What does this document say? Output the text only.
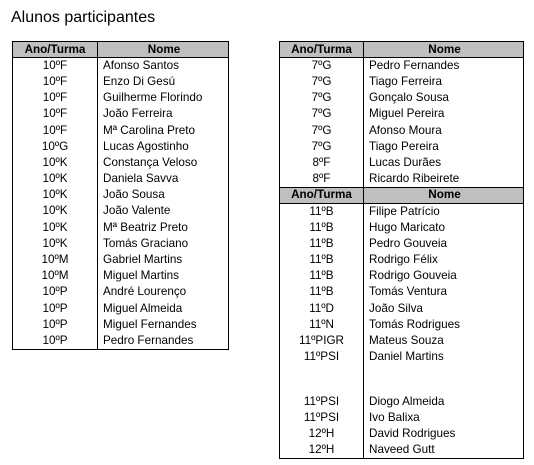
Alunos participantes
Ano/Turma	Nome
10ºF	Afonso Santos
10ºF	Enzo Di Gesú
10ºF	Guilherme Florindo
10ºF	João Ferreira
10ºF	Mª Carolina Preto
10ºG	Lucas Agostinho
10ºK	Constança Veloso
10ºK	Daniela Savva
10ºK	João Sousa
10ºK	João Valente
10ºK	Mª Beatriz Preto
10ºK	Tomás Graciano
10ºM	Gabriel Martins
10ºM	Miguel Martins
10ºP	André Lourenço
10ºP	Miguel Almeida
10ºP	Miguel Fernandes
10ºP	Pedro Fernandes
Ano/Turma	Nome
7ºG	Pedro Fernandes
7ºG	Tiago Ferreira
7ºG	Gonçalo Sousa
7ºG	Miguel Pereira
7ºG	Afonso Moura
7ºG	Tiago Pereira
8ºF	Lucas Durães
8ºF	Ricardo Ribeirete
Ano/Turma	Nome
11ºB	Filipe Patrício
11ºB	Hugo Maricato
11ºB	Pedro Gouveia
11ºB	Rodrigo Félix
11ºB	Rodrigo Gouveia
11ºB	Tomás Ventura
11ºD	João Silva
11ºN	Tomás Rodrigues
11ºPIGR	Mateus Souza
11ºPSI	Daniel Martins

11ºPSI	Diogo Almeida
11ºPSI	Ivo Balixa
12ºH	David Rodrigues
12ºH	Naveed Gutt
